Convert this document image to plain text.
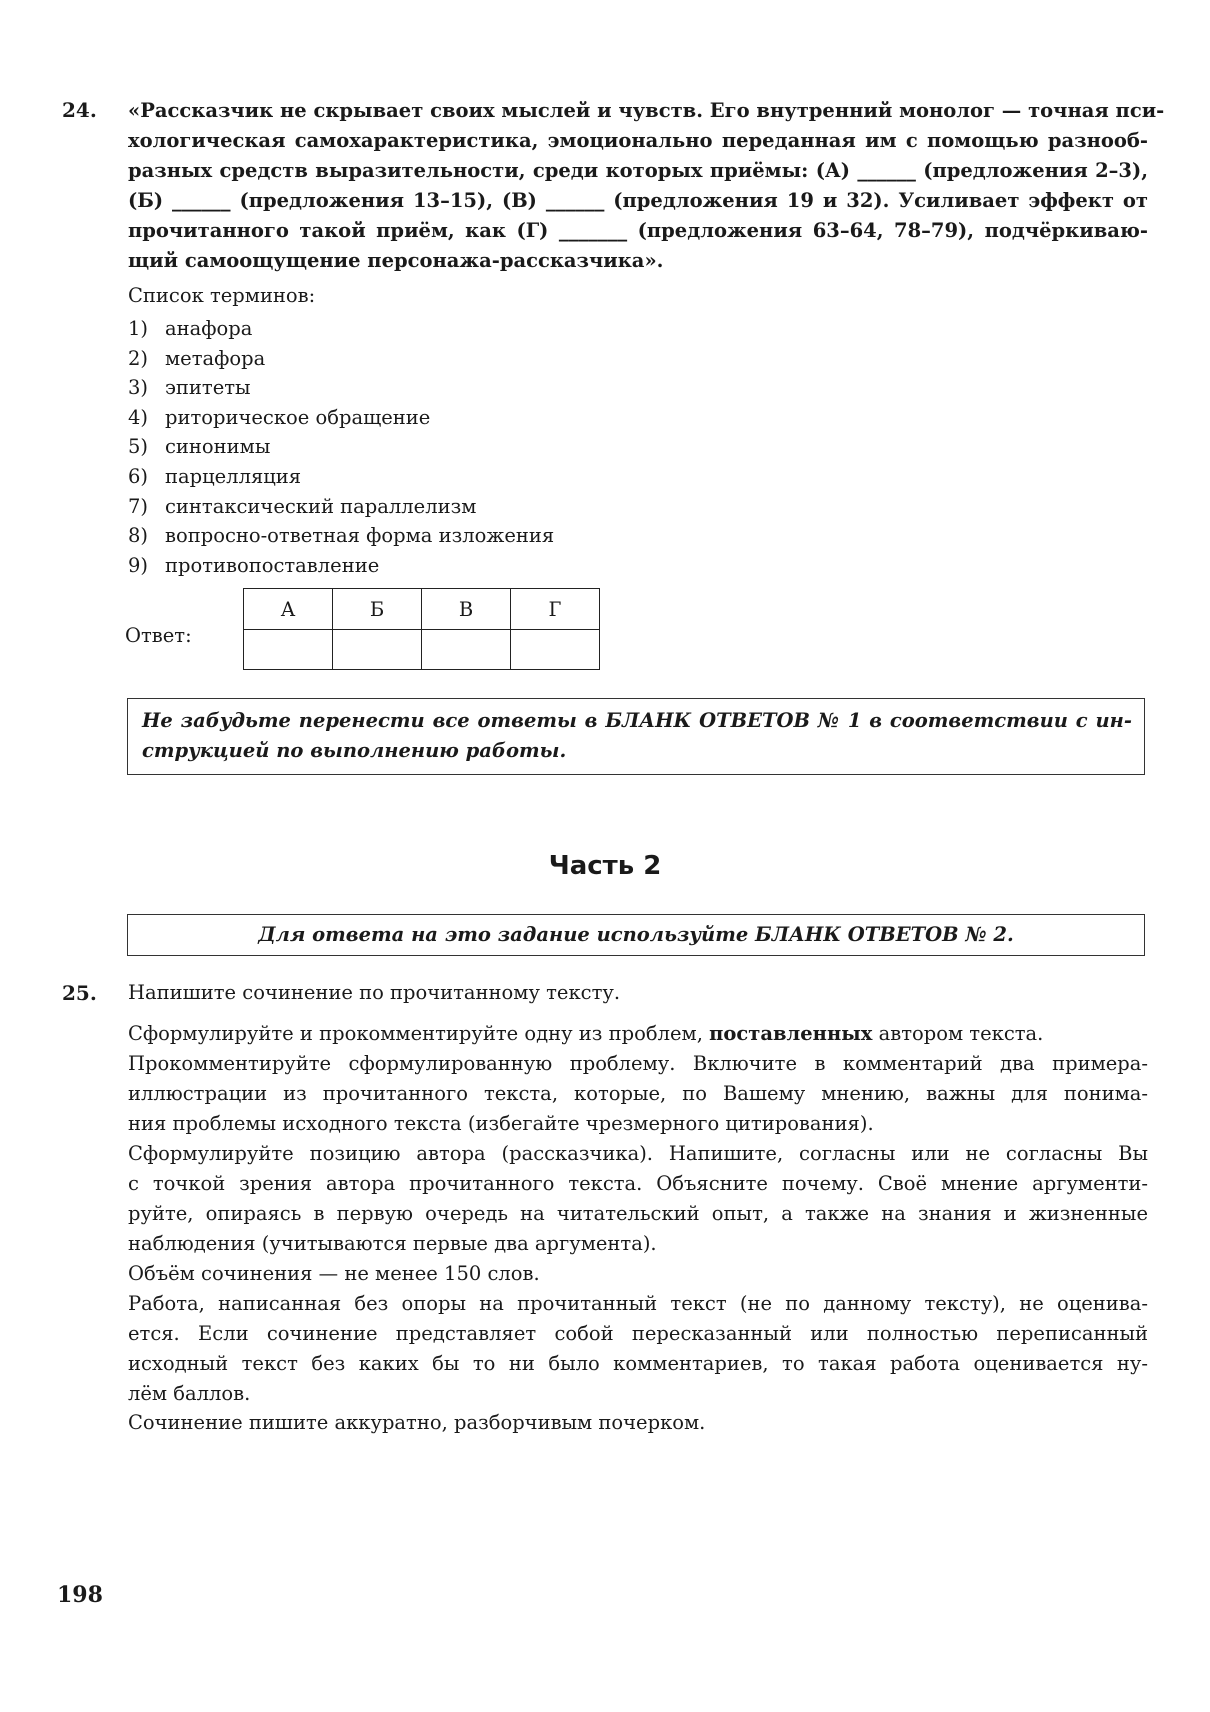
24. «Рассказчик не скрывает своих мыслей и чувств. Его внутренний монолог — точная пси-
хологическая самохарактеристика, эмоционально переданная им с помощью разнооб-
разных средств выразительности, среди которых приёмы: (А) ______ (предложения 2–3),
(Б) ______ (предложения 13–15), (В) ______ (предложения 19 и 32). Усиливает эффект от
прочитанного такой приём, как (Г) _______ (предложения 63–64, 78–79), подчёркиваю-
щий самоощущение персонажа-рассказчика».
Список терминов:
1) анафора
2) метафора
3) эпитеты
4) риторическое обращение
5) синонимы
6) парцелляция
7) синтаксический параллелизм
8) вопросно-ответная форма изложения
9) противопоставление
Ответ:
А	Б	В	Г

Не забудьте перенести все ответы в БЛАНК ОТВЕТОВ № 1 в соответствии с ин-
струкцией по выполнению работы.
Часть 2
Для ответа на это задание используйте БЛАНК ОТВЕТОВ № 2.
25. Напишите сочинение по прочитанному тексту.
Сформулируйте и прокомментируйте одну из проблем, поставленных автором текста.
Прокомментируйте сформулированную проблему. Включите в комментарий два примера-
иллюстрации из прочитанного текста, которые, по Вашему мнению, важны для понима-
ния проблемы исходного текста (избегайте чрезмерного цитирования).
Сформулируйте позицию автора (рассказчика). Напишите, согласны или не согласны Вы
с точкой зрения автора прочитанного текста. Объясните почему. Своё мнение аргументи-
руйте, опираясь в первую очередь на читательский опыт, а также на знания и жизненные
наблюдения (учитываются первые два аргумента).
Объём сочинения — не менее 150 слов.
Работа, написанная без опоры на прочитанный текст (не по данному тексту), не оценива-
ется. Если сочинение представляет собой пересказанный или полностью переписанный
исходный текст без каких бы то ни было комментариев, то такая работа оценивается ну-
лём баллов.
Сочинение пишите аккуратно, разборчивым почерком.
198
